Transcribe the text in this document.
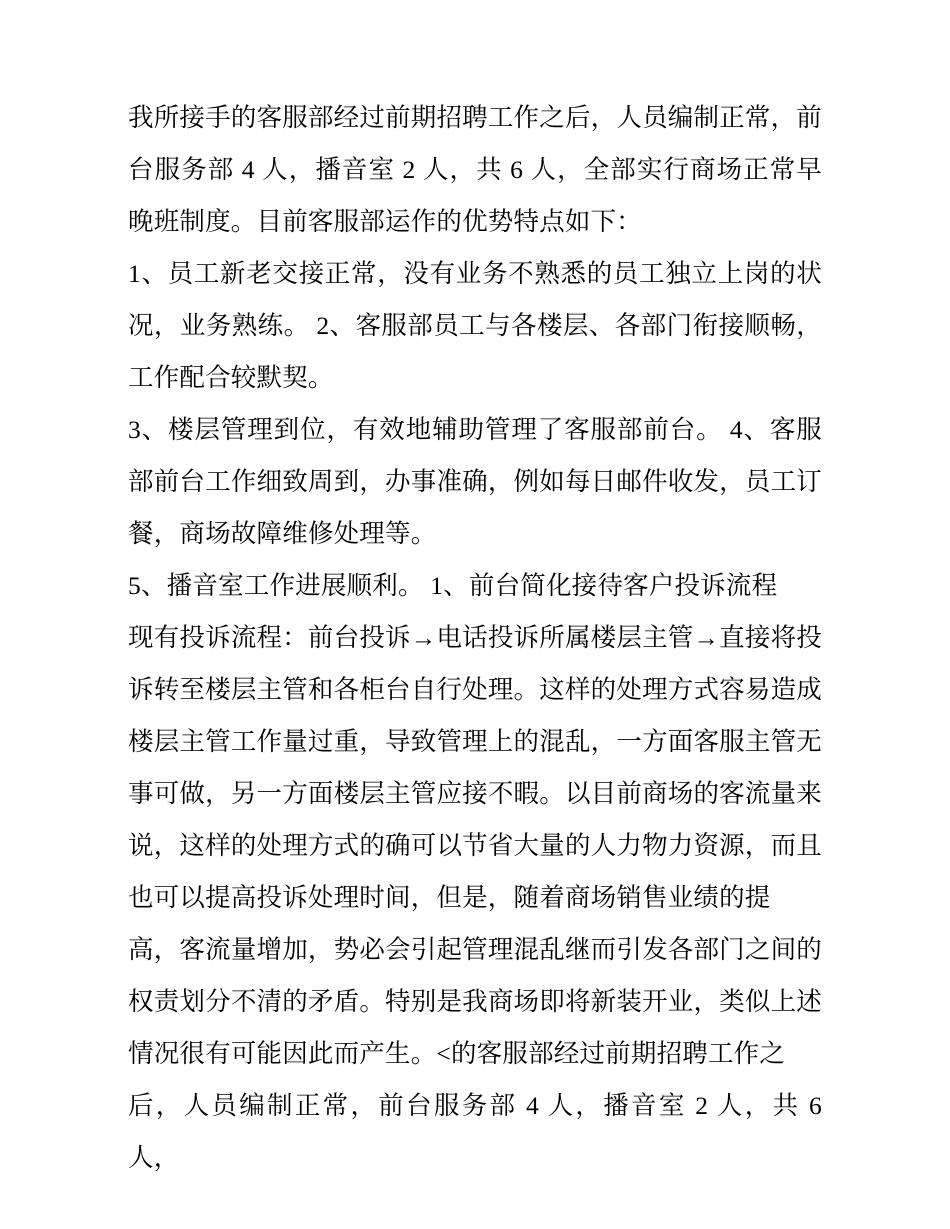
我所接手的客服部经过前期招聘工作之后，人员编制正常，前台服务部 4 人，播音室 2 人，共 6 人，全部实行商场正常早晚班制度。目前客服部运作的优势特点如下：

1、员工新老交接正常，没有业务不熟悉的员工独立上岗的状况，业务熟练。 2、客服部员工与各楼层、各部门衔接顺畅，工作配合较默契。

3、楼层管理到位，有效地辅助管理了客服部前台。 4、客服部前台工作细致周到，办事准确，例如每日邮件收发，员工订餐，商场故障维修处理等。

5、播音室工作进展顺利。 1、前台简化接待客户投诉流程

现有投诉流程：前台投诉→电话投诉所属楼层主管→直接将投诉转至楼层主管和各柜台自行处理。这样的处理方式容易造成楼层主管工作量过重，导致管理上的混乱，一方面客服主管无事可做，另一方面楼层主管应接不暇。以目前商场的客流量来说，这样的处理方式的确可以节省大量的人力物力资源，而且也可以提高投诉处理时间，但是，随着商场销售业绩的提

高，客流量增加，势必会引起管理混乱继而引发各部门之间的权责划分不清的矛盾。特别是我商场即将新装开业，类似上述情况很有可能因此而产生。<的客服部经过前期招聘工作之

后，人员编制正常，前台服务部 4 人，播音室 2 人，共 6 人，
